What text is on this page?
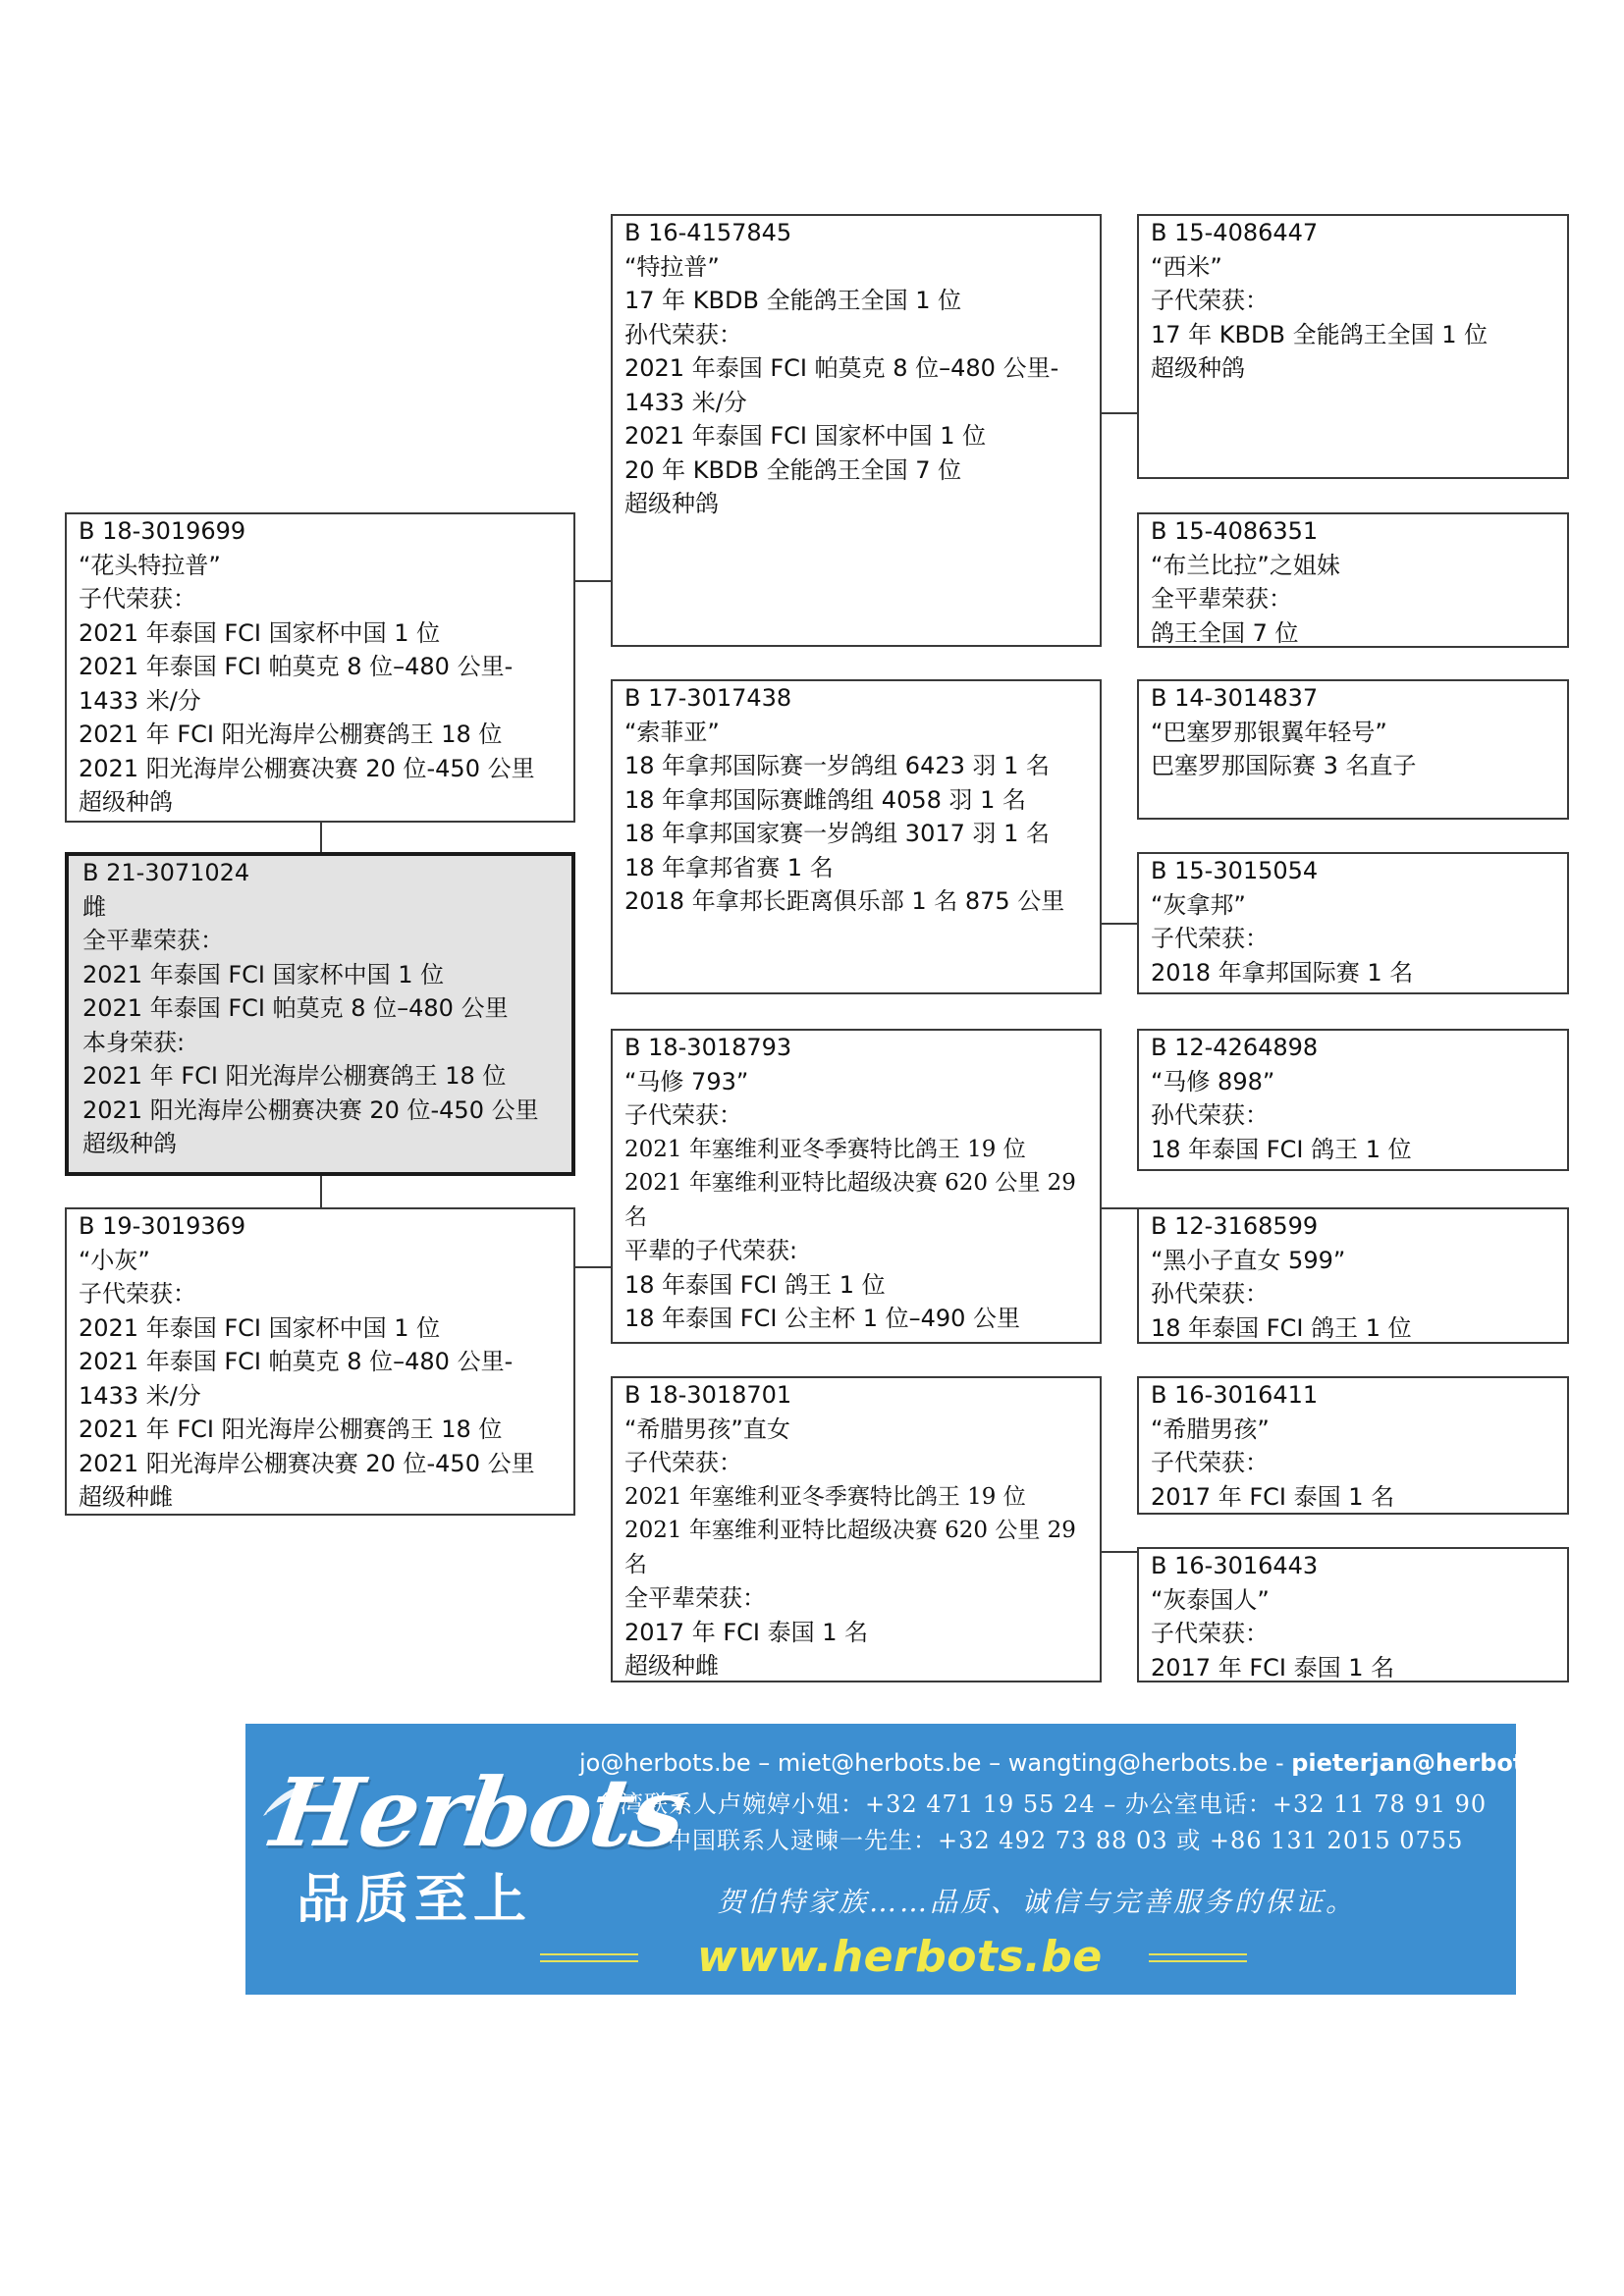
B 21-3071024
雌
全平辈荣获：
2021 年泰国 FCI 国家杯中国 1 位
2021 年泰国 FCI 帕莫克 8 位–480 公里
本身荣获:
2021 年 FCI 阳光海岸公棚赛鸽王 18 位
2021 阳光海岸公棚赛决赛 20 位-450 公里
超级种鸽
B 18-3019699
“花头特拉普”
子代荣获：
2021 年泰国 FCI 国家杯中国 1 位
2021 年泰国 FCI 帕莫克 8 位–480 公里-
1433 米/分
2021 年 FCI 阳光海岸公棚赛鸽王 18 位
2021 阳光海岸公棚赛决赛 20 位-450 公里
超级种鸽
B 19-3019369
“小灰”
子代荣获：
2021 年泰国 FCI 国家杯中国 1 位
2021 年泰国 FCI 帕莫克 8 位–480 公里-
1433 米/分
2021 年 FCI 阳光海岸公棚赛鸽王 18 位
2021 阳光海岸公棚赛决赛 20 位-450 公里
超级种雌
B 16-4157845
“特拉普”
17 年 KBDB 全能鸽王全国 1 位
孙代荣获：
2021 年泰国 FCI 帕莫克 8 位–480 公里-
1433 米/分
2021 年泰国 FCI 国家杯中国 1 位
20 年 KBDB 全能鸽王全国 7 位
超级种鸽
B 17-3017438
“索菲亚”
18 年拿邦国际赛一岁鸽组 6423 羽 1 名
18 年拿邦国际赛雌鸽组 4058 羽 1 名
18 年拿邦国家赛一岁鸽组 3017 羽 1 名
18 年拿邦省赛 1 名
2018 年拿邦长距离俱乐部 1 名 875 公里
B 18-3018793
“马修 793”
子代荣获：
2021 年塞维利亚冬季赛特比鸽王 19 位
2021 年塞维利亚特比超级决赛 620 公里 29
名
平辈的子代荣获:
18 年泰国 FCI 鸽王 1 位
18 年泰国 FCI 公主杯 1 位–490 公里
B 18-3018701
“希腊男孩”直女
子代荣获：
2021 年塞维利亚冬季赛特比鸽王 19 位
2021 年塞维利亚特比超级决赛 620 公里 29
名
全平辈荣获：
2017 年 FCI 泰国 1 名
超级种雌
B 15-4086447
“西米”
子代荣获：
17 年 KBDB 全能鸽王全国 1 位
超级种鸽
B 15-4086351
“布兰比拉”之姐妹
全平辈荣获：
鸽王全国 7 位
B 14-3014837
“巴塞罗那银翼年轻号”
巴塞罗那国际赛 3 名直子
B 15-3015054
“灰拿邦”
子代荣获：
2018 年拿邦国际赛 1 名
B 12-4264898
“马修 898”
孙代荣获：
18 年泰国 FCI 鸽王 1 位
B 12-3168599
“黑小子直女 599”
孙代荣获：
18 年泰国 FCI 鸽王 1 位
B 16-3016411
“希腊男孩”
子代荣获：
2017 年 FCI 泰国 1 名
B 16-3016443
“灰泰国人”
子代荣获：
2017 年 FCI 泰国 1 名
Herbots
品质至上
jo@herbots.be – miet@herbots.be – wangting@herbots.be - pieterjan@herbots.be
台湾联系人卢婉婷小姐：+32 471 19 55 24 – 办公室电话：+32 11 78 91 90
中国联系人逯暕一先生：+32 492 73 88 03 或 +86 131 2015 0755
贺伯特家族……品质、诚信与完善服务的保证。
www.herbots.be
